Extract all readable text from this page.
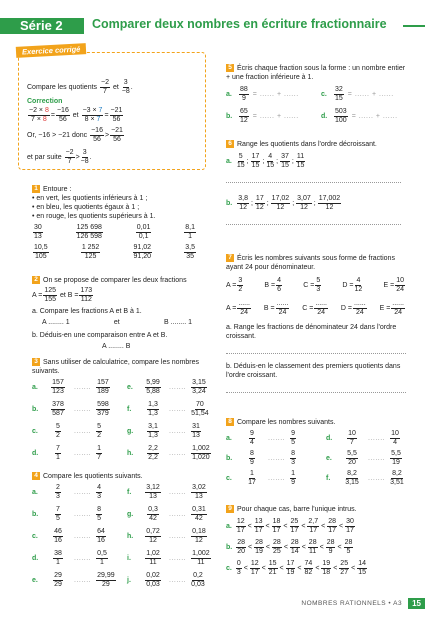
Série 2	Comparer deux nombres en écriture fractionnaire
Exercice corrigé
Compare les quotients
$\frac{-2}{7}$
et
$\frac{3}{-8}$ .
Correction
$\frac{-2 \times 8}{7 \times 8} = \frac{-16}{56}$ et $\frac{-3 \times 7}{8 \times 7} = \frac{-21}{56}$
Or, −16 > −21 donc
$\frac{-16}{56} > \frac{-21}{56}$
et par suite
$\frac{-2}{7} > \frac{3}{-8}$ .
1 Entoure :
• en vert, les quotients inférieurs à 1 ;
• en bleu, les quotients égaux à 1 ;
• en rouge, les quotients supérieurs à 1.
$\frac{30}{13}$	$\frac{125 698}{126 598}$	$\frac{0,01}{0,1}$	$\frac{8,1}{1}$
$\frac{10,5}{105}$	$\frac{1 252}{125}$	$\frac{91,02}{91,20}$	$\frac{3,5}{35}$
2 On se propose de comparer les deux fractions
$A = \frac{125}{155}$
et $B = \frac{173}{112}$
a. Compare les fractions A et B à 1.
A ........ 1	et	B ........ 1
b. Déduis-en une comparaison entre A et B.
A ........ B
3 Sans utiliser de calculatrice, compare les nombres suivants.
a.	$\frac{157}{123}$ ....... $\frac{157}{189}$
b.	$\frac{378}{587}$ ....... $\frac{598}{379}$
c.	$\frac{5}{2}$ ....... $\frac{5}{2}$
d.	$\frac{7}{1}$ ....... $\frac{1}{7}$
e.	$\frac{5,99}{5,88}$ ....... $\frac{3,15}{3,24}$
f.	$\frac{1,3}{1,3}$ ....... $\frac{70}{51,54}$
g.	$\frac{3,1}{1,3}$ ....... $\frac{31}{13}$
h.	$\frac{2,2}{2,2}$ ....... $\frac{1,002}{1,020}$
4 Compare les quotients suivants.
a.	$\frac{2}{3}$ ....... $\frac{4}{3}$
b.	$\frac{7}{5}$ ....... $\frac{8}{5}$
c.	$\frac{46}{16}$ ....... $\frac{64}{16}$
d.	$\frac{38}{1}$ ....... $\frac{0,5}{1}$
e.	$\frac{29}{29}$ ....... $\frac{29,99}{29}$
f.	$\frac{3,12}{13}$ ....... $\frac{3,02}{13}$
g.	$\frac{0,3}{42}$ ....... $\frac{0,31}{42}$
h.	$\frac{0,72}{12}$ ....... $\frac{0,18}{12}$
i.	$\frac{1,02}{11}$ ....... $\frac{1,002}{11}$
j.	$\frac{0,02}{0,03}$ ....... $\frac{0,2}{0,03}$
5 Écris chaque fraction sous la forme : un nombre entier + une fraction inférieure à 1.
a.	$\frac{88}{9}$ = ...... + ......
b. $\frac{65}{12}$ = ...... + ......
c.	$\frac{32}{15}$ = ...... + ......
d. $\frac{503}{100}$ = ...... + ......
6 Range les quotients dans l'ordre décroissant.
a. $\frac{5}{15}$ ; $\frac{17}{15}$ ; $\frac{4}{15}$ ; $\frac{37}{15}$ ; $\frac{11}{15}$
b. $\frac{3,8}{12}$ ; $\frac{17}{12}$ ; $\frac{17,02}{12}$ ; $\frac{3,07}{12}$ ; $\frac{17,002}{12}$
7 Écris les nombres suivants sous forme de fractions ayant 24 pour dénominateur.
$A = \frac{3}{2}$	$B = \frac{4}{6}$	$C = \frac{5}{3}$	$D = \frac{4}{12}$	$E = \frac{10}{24}$
$A = \frac{......}{24}$ $B = \frac{......}{24}$ $C = \frac{......}{24}$ $D = \frac{......}{24}$ $E = \frac{......}{24}$
a. Range les fractions de dénominateur 24 dans l'ordre croissant.
b. Déduis-en le classement des premiers quotients dans l'ordre croissant.
8 Compare les nombres suivants.
a.	$\frac{9}{4}$ ....... $\frac{9}{5}$
b.	$\frac{8}{9}$ ....... $\frac{8}{3}$
c.	$\frac{1}{17}$ ....... $\frac{1}{9}$
d.	$\frac{10}{7}$ ....... $\frac{10}{4}$
e.	$\frac{5,5}{20}$ ....... $\frac{5,5}{19}$
f.	$\frac{8,2}{3,15}$ ....... $\frac{8,2}{3,51}$
9 Pour chaque cas, barre l'unique intrus.
a. $\frac{12}{17} < \frac{13}{17} < \frac{18}{17} < \frac{25}{17} < \frac{2,7}{17} < \frac{28}{17} < \frac{30}{17}$
b. $\frac{28}{20} < \frac{28}{19} < \frac{28}{25} < \frac{28}{14} < \frac{28}{11} < \frac{28}{9} < \frac{28}{5}$
c. $\frac{0}{3} < \frac{12}{17} < \frac{15}{21} < \frac{17}{19} < \frac{74}{82} < \frac{19}{18} < \frac{25}{27} < \frac{14}{15}$
NOMBRES RATIONNELS • A3	15
